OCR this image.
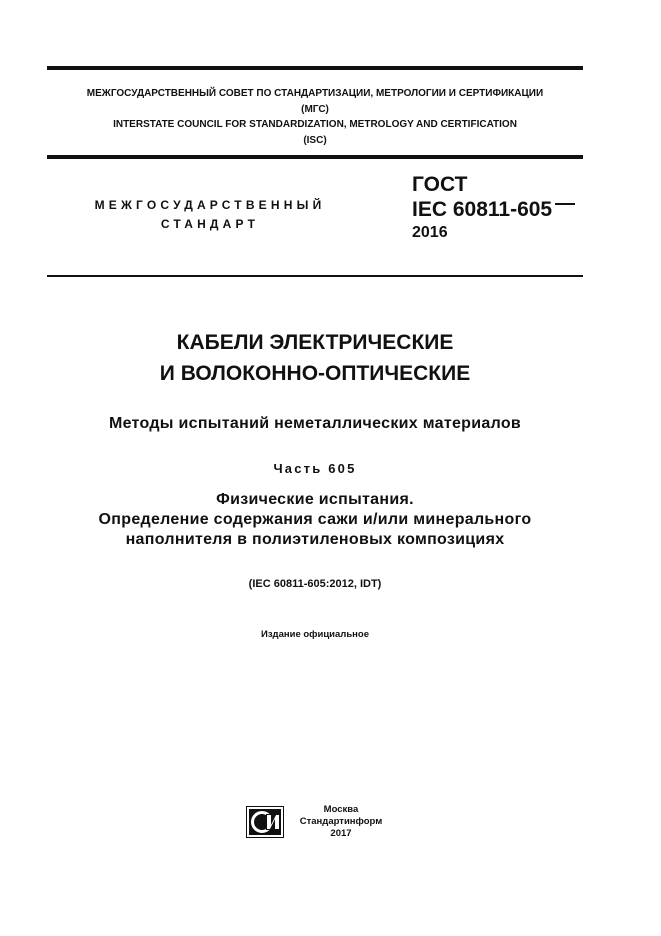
МЕЖГОСУДАРСТВЕННЫЙ СОВЕТ ПО СТАНДАРТИЗАЦИИ, МЕТРОЛОГИИ И СЕРТИФИКАЦИИ
(МГС)
INTERSTATE COUNCIL FOR STANDARDIZATION, METROLOGY AND CERTIFICATION
(ISC)
МЕЖГОСУДАРСТВЕННЫЙ
СТАНДАРТ
ГОСТ
IEC 60811-605
2016
КАБЕЛИ ЭЛЕКТРИЧЕСКИЕ
И ВОЛОКОННО-ОПТИЧЕСКИЕ
Методы испытаний неметаллических материалов
Часть 605
Физические испытания.
Определение содержания сажи и/или минерального
наполнителя в полиэтиленовых композициях
(IEC 60811-605:2012, IDT)
Издание официальное
Москва
Стандартинформ
2017
